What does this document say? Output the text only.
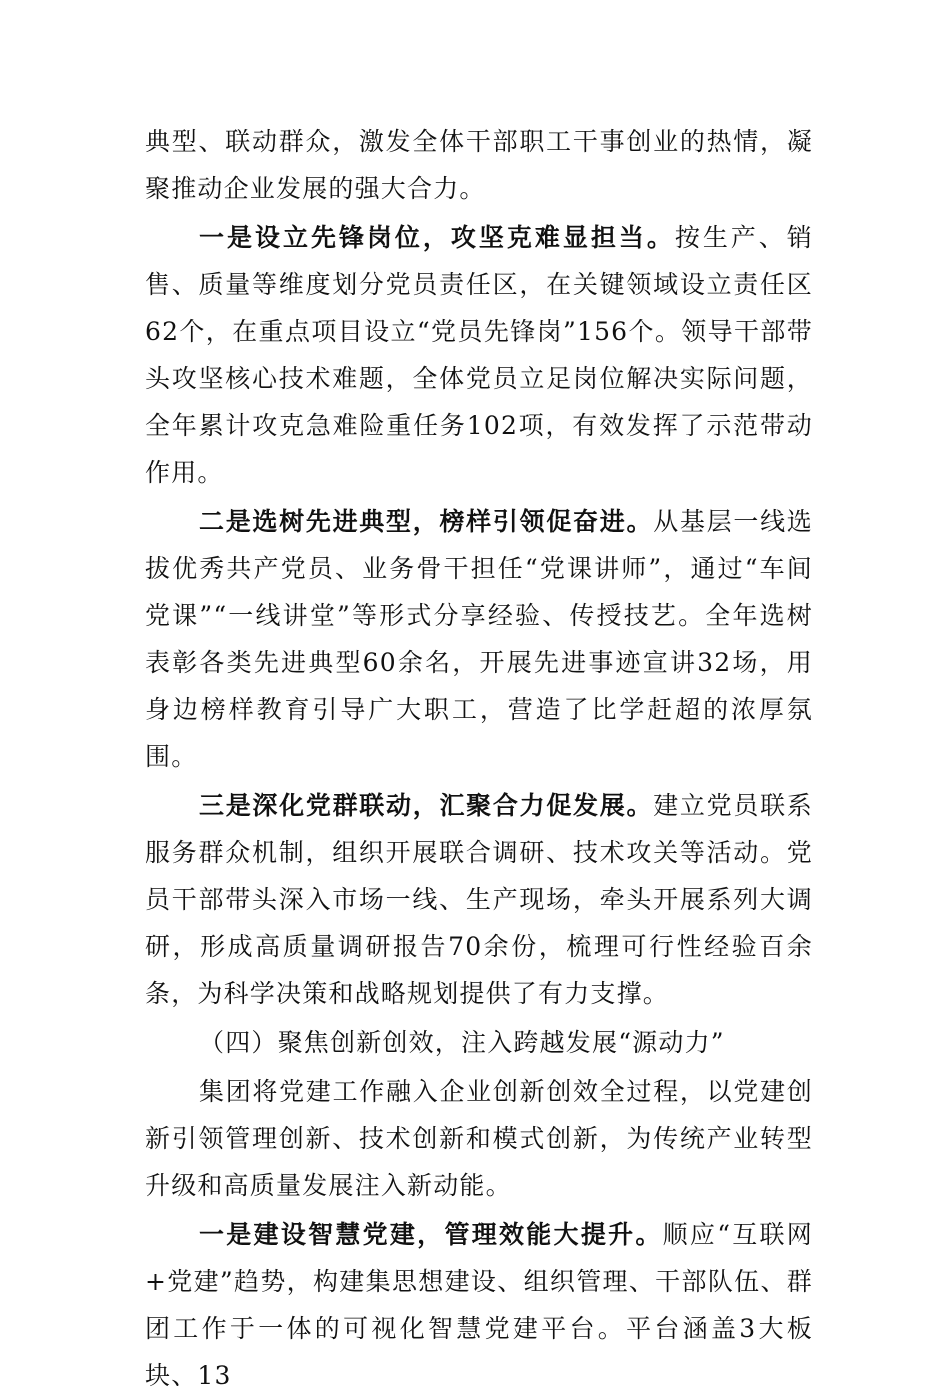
典型、联动群众，激发全体干部职工干事创业的热情，凝聚推动企业发展的强大合力。

一是设立先锋岗位，攻坚克难显担当。按生产、销售、质量等维度划分党员责任区，在关键领域设立责任区62个，在重点项目设立“党员先锋岗”156个。领导干部带头攻坚核心技术难题，全体党员立足岗位解决实际问题，全年累计攻克急难险重任务102项，有效发挥了示范带动作用。

二是选树先进典型，榜样引领促奋进。从基层一线选拔优秀共产党员、业务骨干担任“党课讲师”，通过“车间党课”“一线讲堂”等形式分享经验、传授技艺。全年选树表彰各类先进典型60余名，开展先进事迹宣讲32场，用身边榜样教育引导广大职工，营造了比学赶超的浓厚氛围。

三是深化党群联动，汇聚合力促发展。建立党员联系服务群众机制，组织开展联合调研、技术攻关等活动。党员干部带头深入市场一线、生产现场，牵头开展系列大调研，形成高质量调研报告70余份，梳理可行性经验百余条，为科学决策和战略规划提供了有力支撑。

（四）聚焦创新创效，注入跨越发展“源动力”

集团将党建工作融入企业创新创效全过程，以党建创新引领管理创新、技术创新和模式创新，为传统产业转型升级和高质量发展注入新动能。

一是建设智慧党建，管理效能大提升。顺应“互联网+党建”趋势，构建集思想建设、组织管理、干部队伍、群团工作于一体的可视化智慧党建平台。平台涵盖3大板块、13
